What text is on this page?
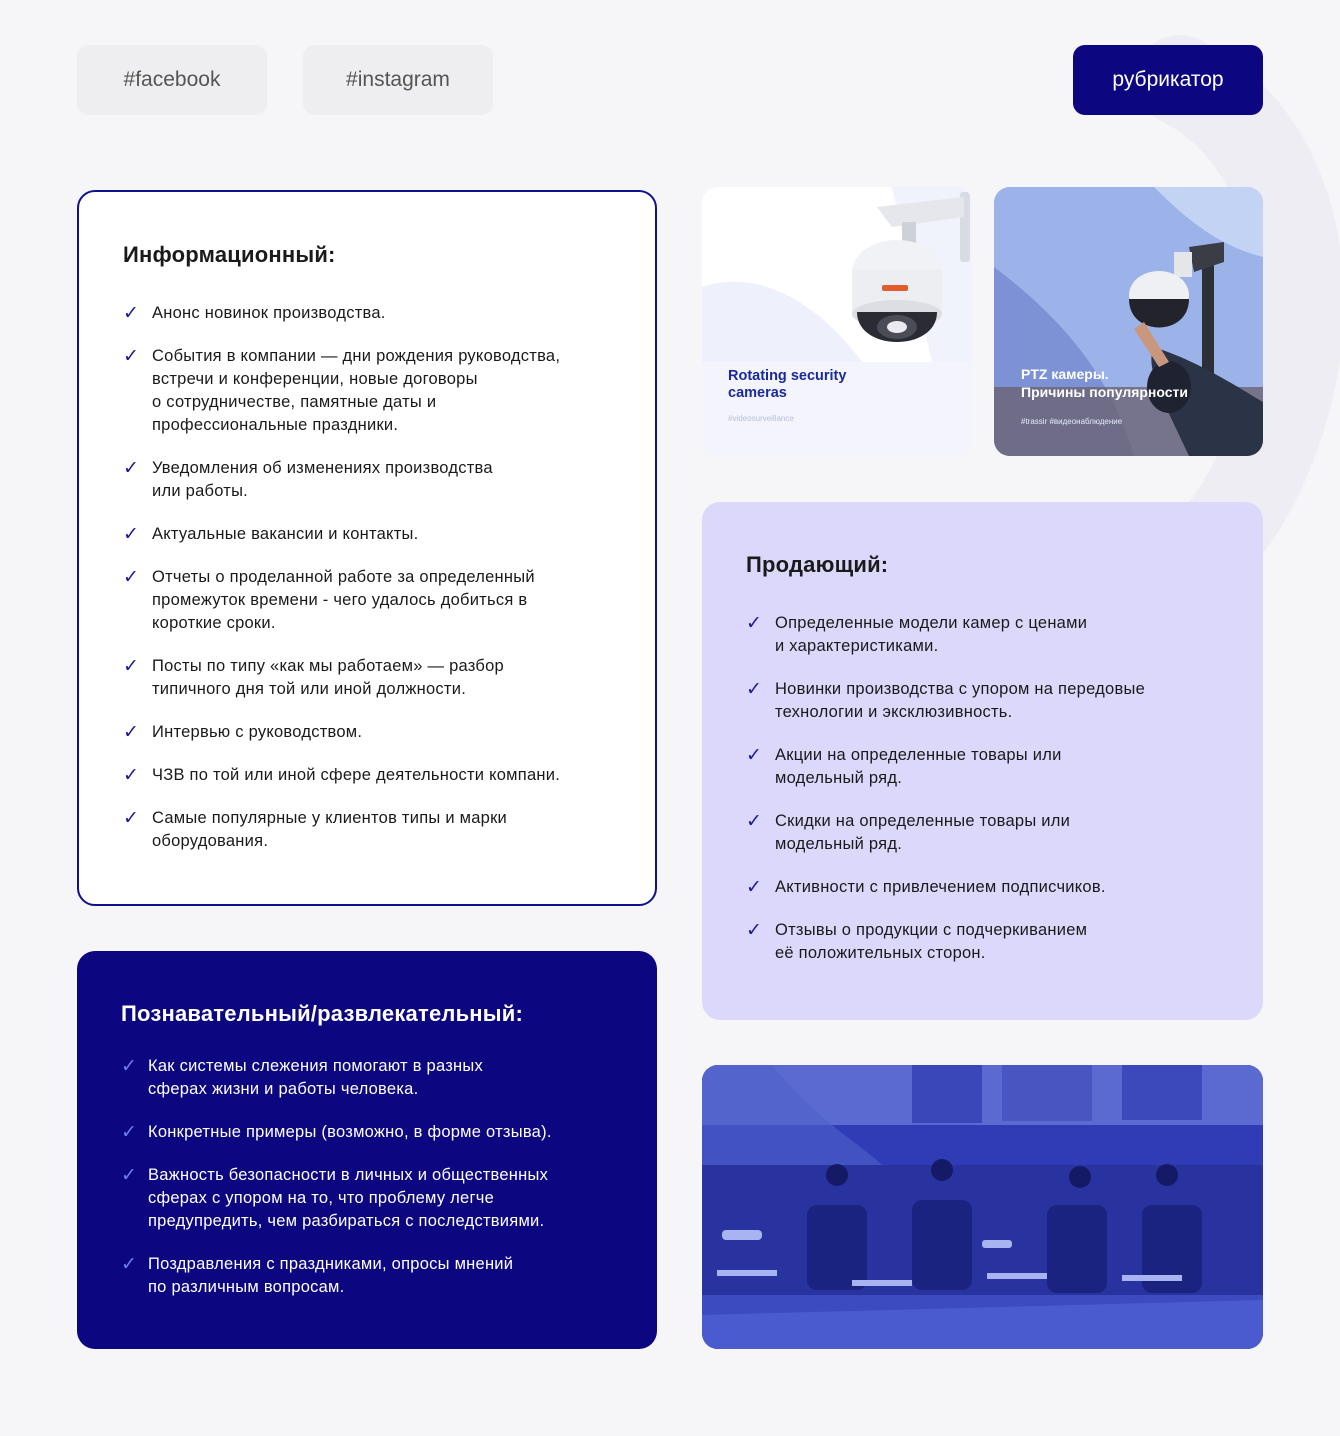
#facebook	#instagram	рубрикатор
Информационный:
✓ Анонс новинок производства.
✓ События в компании — дни рождения руководства,
встречи и конференции, новые договоры
о сотрудничестве, памятные даты и
профессиональные праздники.
✓ Уведомления об изменениях производства
или работы.
✓ Актуальные вакансии и контакты.
✓ Отчеты о проделанной работе за определенный
промежуток времени - чего удалось добиться в
короткие сроки.
✓ Посты по типу «как мы работаем» — разбор
типичного дня той или иной должности.
✓ Интервью с руководством.
✓ ЧЗВ по той или иной сфере деятельности компани.
✓ Самые популярные у клиентов типы и марки
оборудования.
Познавательный/развлекательный:
✓ Как системы слежения помогают в разных
сферах жизни и работы человека.
✓ Конкретные примеры (возможно, в форме отзыва).
✓ Важность безопасности в личных и общественных
сферах с упором на то, что проблему легче
предупредить, чем разбираться с последствиями.
✓ Поздравления с праздниками, опросы мнений
по различным вопросам.
Продающий:
✓ Определенные модели камер с ценами
и характеристиками.
✓ Новинки производства с упором на передовые
технологии и эксклюзивность.
✓ Акции на определенные товары или
модельный ряд.
✓ Скидки на определенные товары или
модельный ряд.
✓ Активности с привлечением подписчиков.
✓ Отзывы о продукции с подчеркиванием
её положительных сторон.
Rotating security
cameras
#videosurveillance
PTZ камеры.
Причины популярности
#trassir #видеонаблюдение
